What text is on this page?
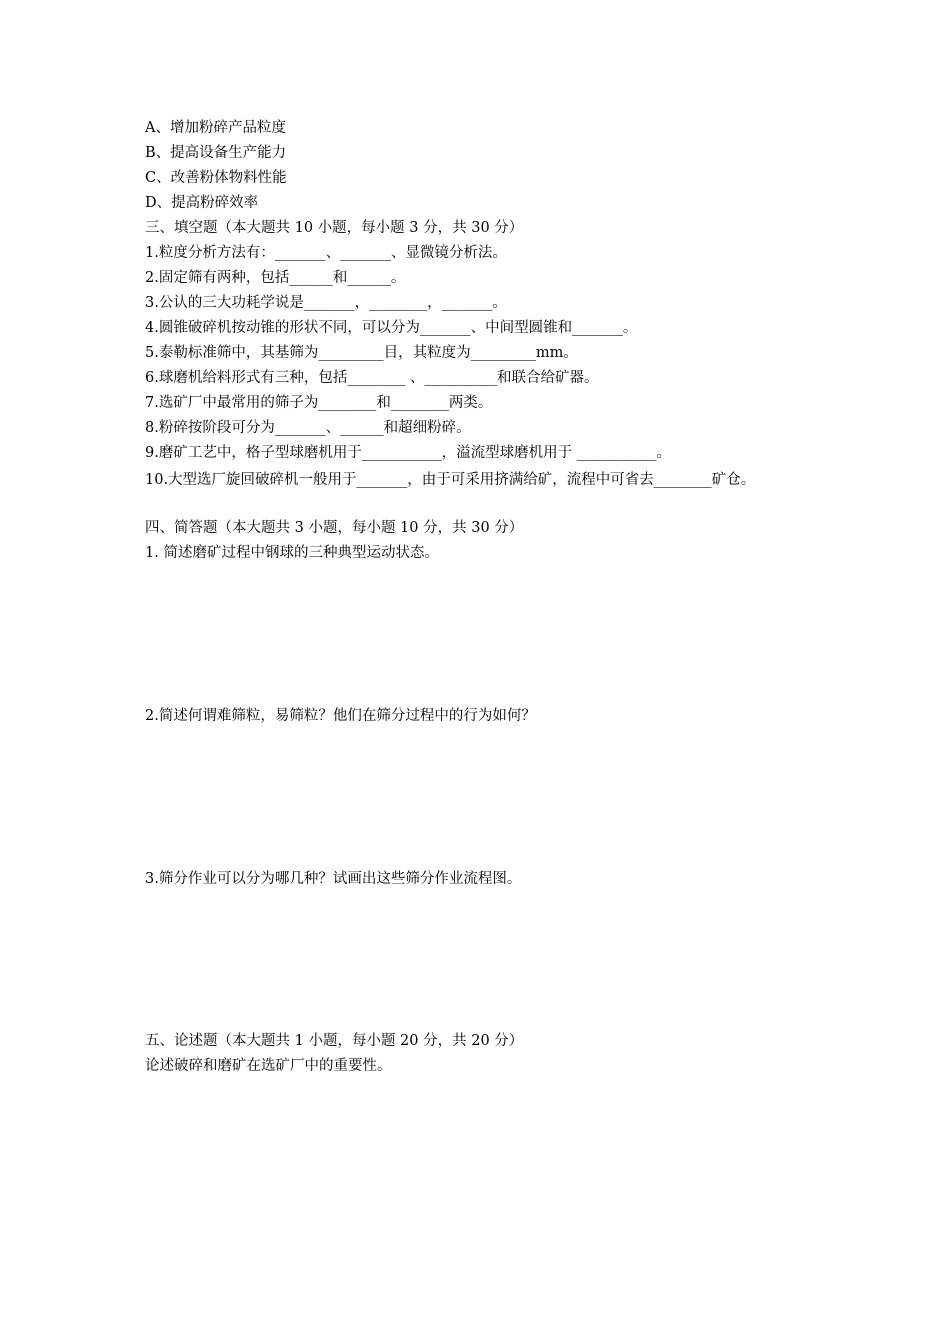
A、增加粉碎产品粒度
B、提高设备生产能力
C、改善粉体物料性能
D、提高粉碎效率
三、填空题（本大题共 10 小题，每小题 3 分，共 30 分）
1.粒度分析方法有：_______、_______、显微镜分析法。
2.固定筛有两种，包括______和______。
3.公认的三大功耗学说是_______，________，_______。
4.圆锥破碎机按动锥的形状不同，可以分为_______、中间型圆锥和_______。
5.泰勒标准筛中，其基筛为_________目，其粒度为_________mm。
6.球磨机给料形式有三种，包括________ 、__________和联合给矿器。
7.选矿厂中最常用的筛子为________和________两类。
8.粉碎按阶段可分为_______、______和超细粉碎。
9.磨矿工艺中，格子型球磨机用于___________，溢流型球磨机用于 ___________。
10.大型选厂旋回破碎机一般用于_______，由于可采用挤满给矿，流程中可省去________矿仓。
四、简答题（本大题共 3 小题，每小题 10 分，共 30 分）
1. 简述磨矿过程中钢球的三种典型运动状态。
2.简述何谓难筛粒，易筛粒？他们在筛分过程中的行为如何？
3.筛分作业可以分为哪几种？试画出这些筛分作业流程图。
五、论述题（本大题共 1 小题，每小题 20 分，共 20 分）
论述破碎和磨矿在选矿厂中的重要性。
